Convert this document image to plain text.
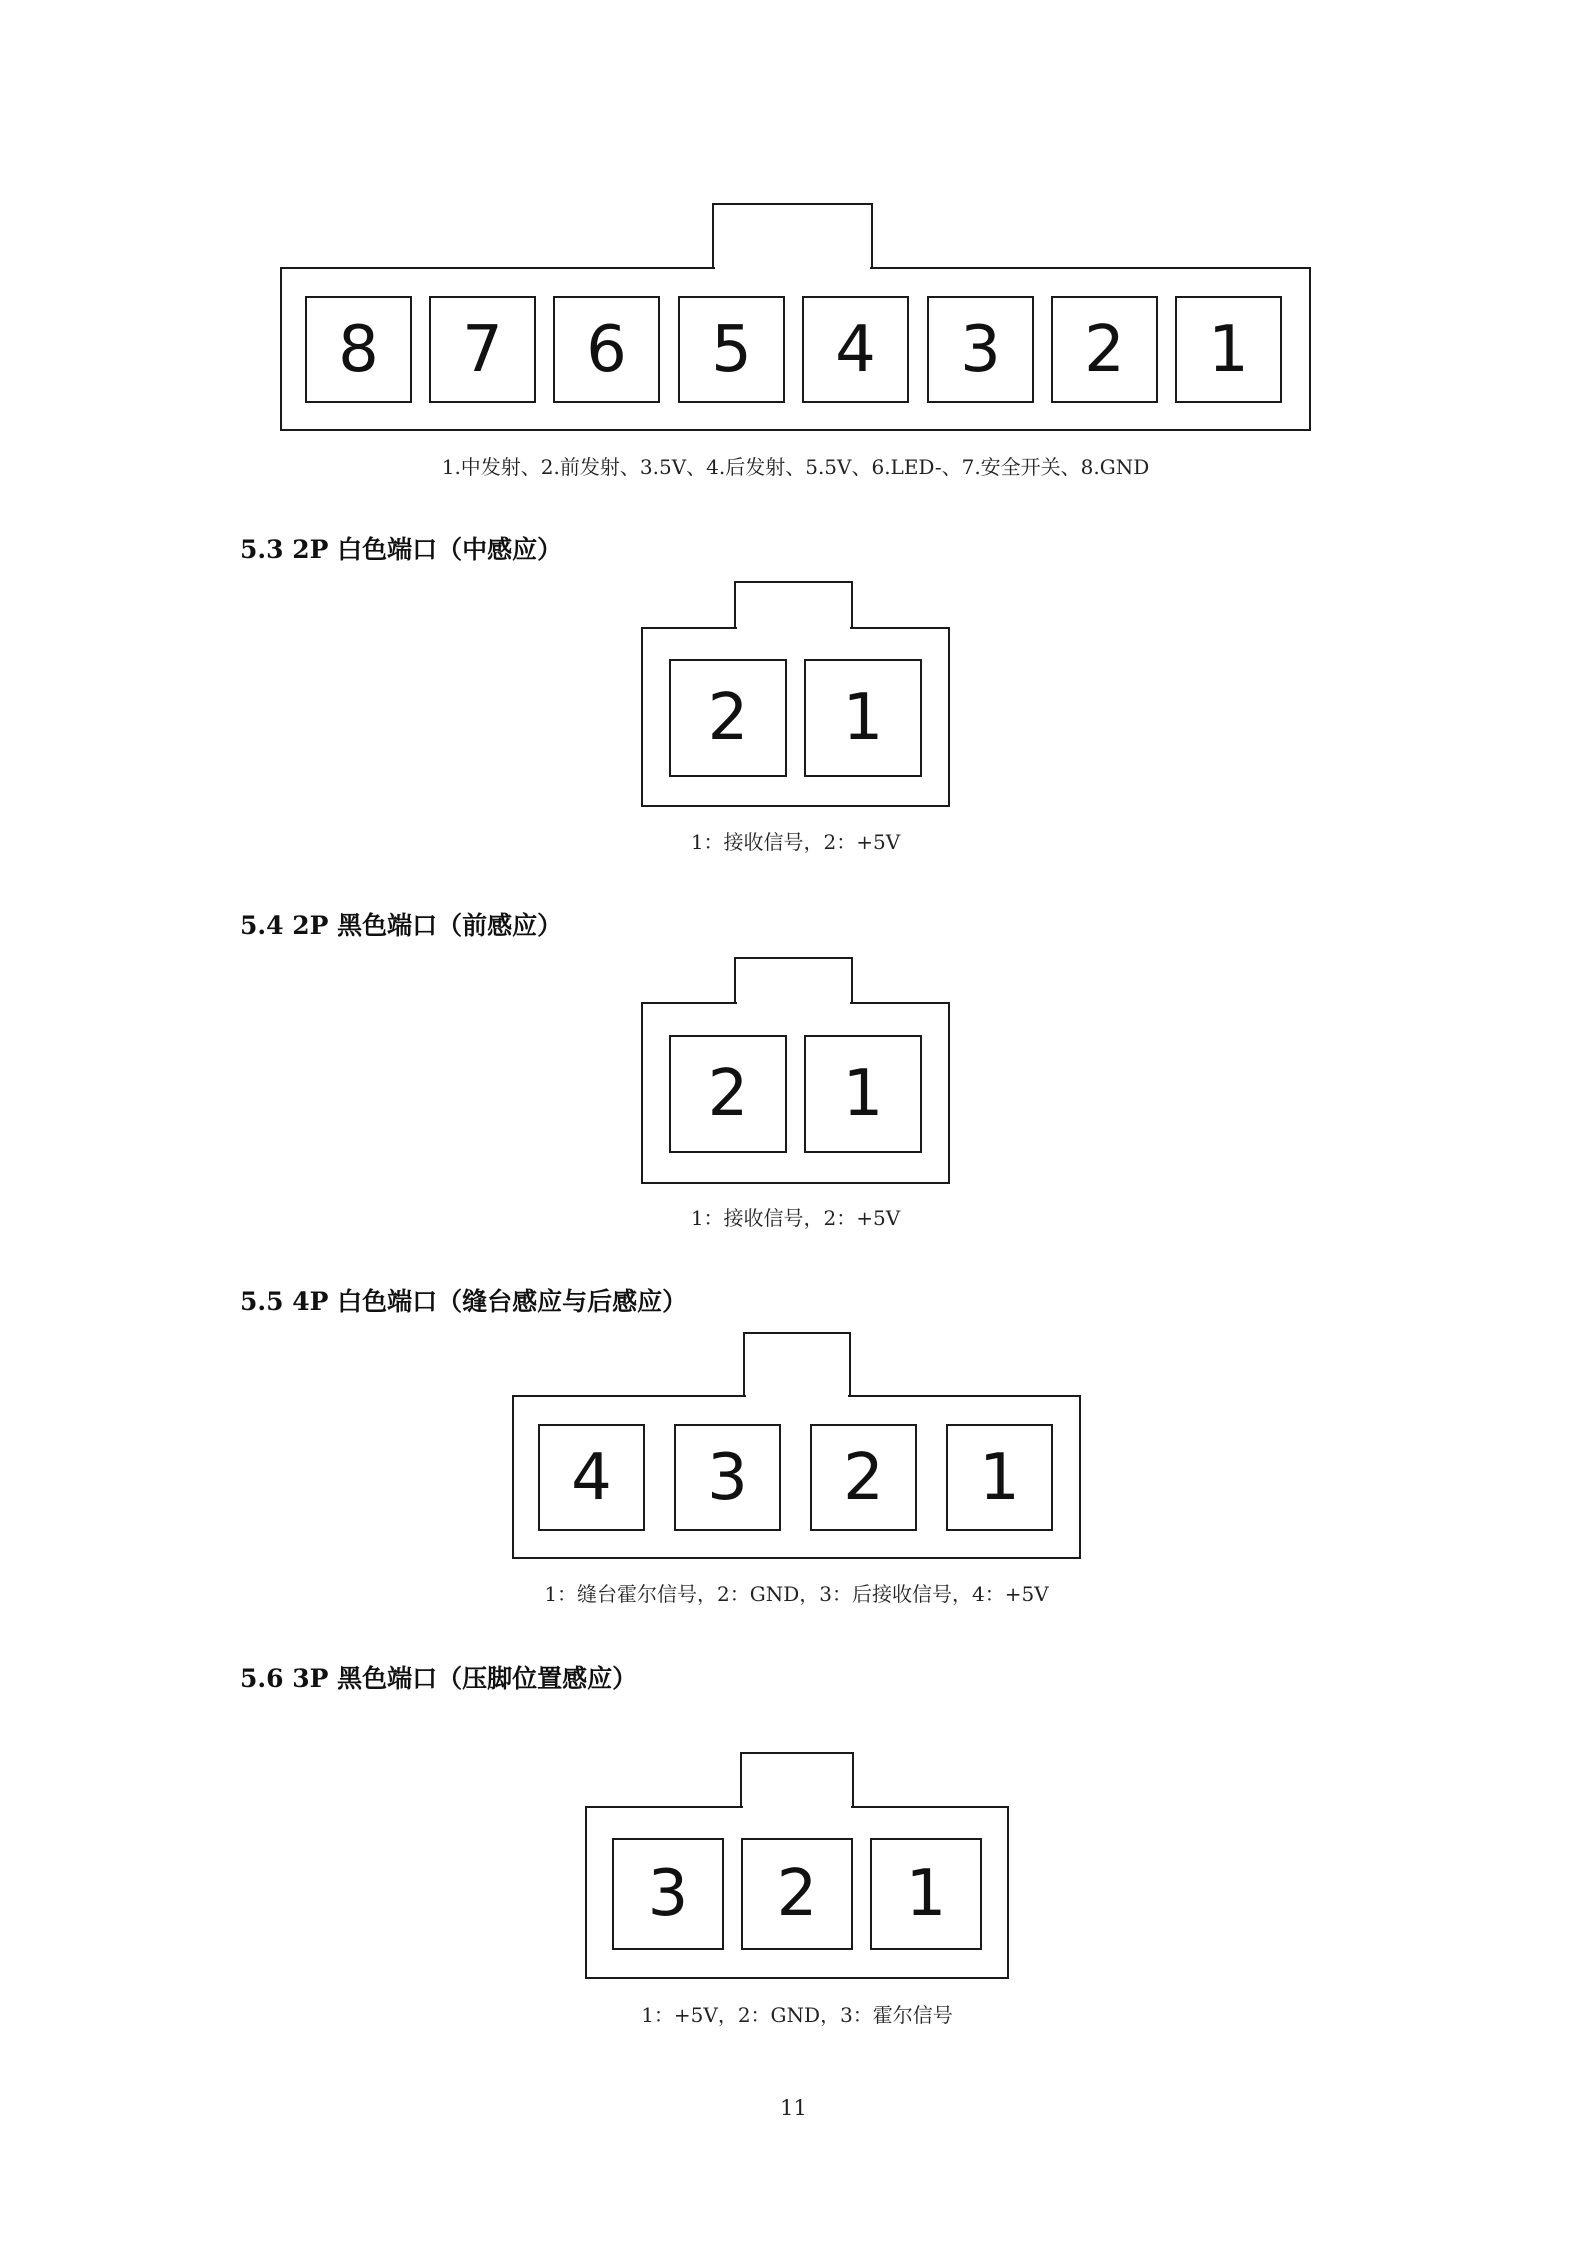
8	7	6	5	4	3	2	1
1.中发射、2.前发射、3.5V、4.后发射、5.5V、6.LED-、7.安全开关、8.GND
5.3 2P 白色端口（中感应）
2	1
1：接收信号，2：+5V
5.4 2P 黑色端口（前感应）
2	1
1：接收信号，2：+5V
5.5 4P 白色端口（缝台感应与后感应）
4	3	2	1
1：缝台霍尔信号，2：GND，3：后接收信号，4：+5V
5.6 3P 黑色端口（压脚位置感应）
3	2	1
1：+5V，2：GND，3：霍尔信号
11
